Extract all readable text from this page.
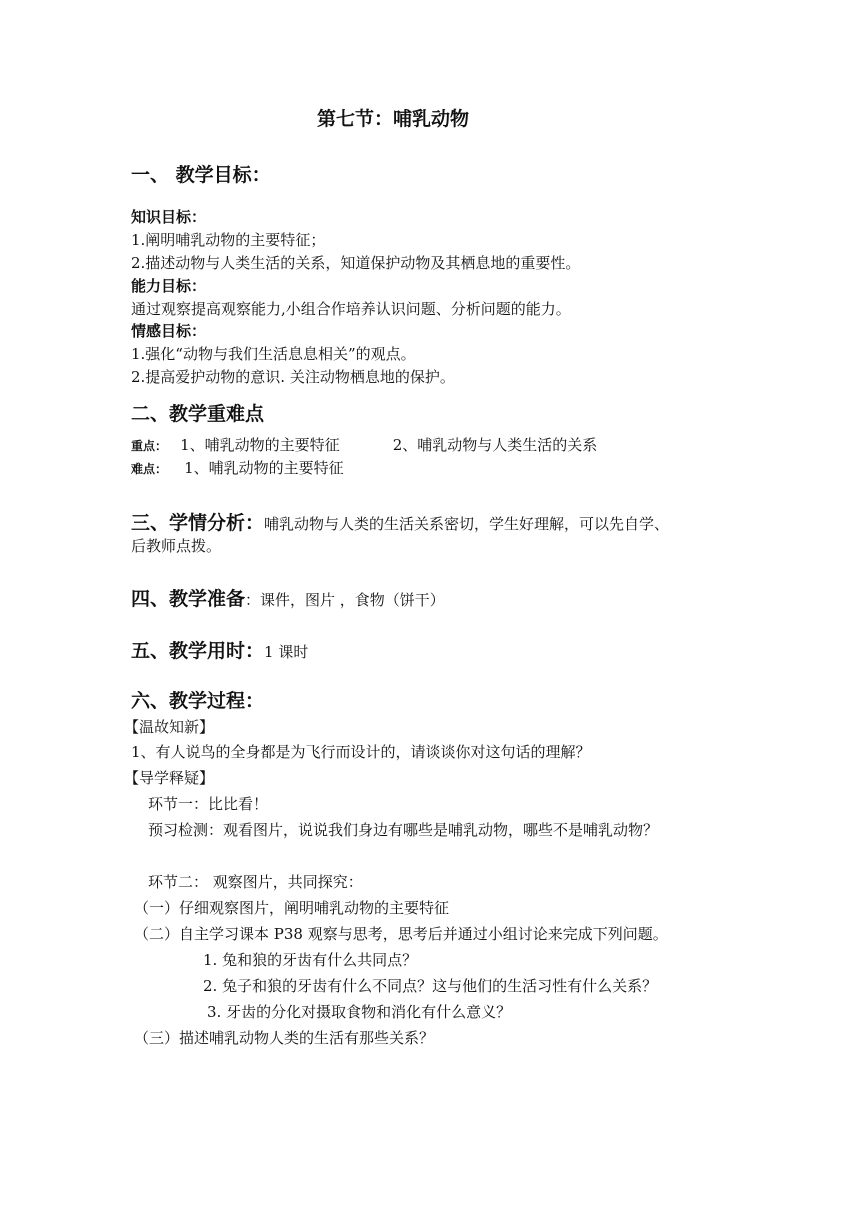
第七节：哺乳动物
一、 教学目标：
知识目标：
1.阐明哺乳动物的主要特征；
2.描述动物与人类生活的关系，知道保护动物及其栖息地的重要性。
能力目标：
通过观察提高观察能力,小组合作培养认识问题、分析问题的能力。
情感目标：
1.强化“动物与我们生活息息相关”的观点。
2.提高爱护动物的意识. 关注动物栖息地的保护。
二、教学重难点
重点： 1、哺乳动物的主要特征	2、哺乳动物与人类生活的关系
难点： 1、哺乳动物的主要特征
三、学情分析：哺乳动物与人类的生活关系密切，学生好理解，可以先自学、
后教师点拨。
四、教学准备：课件，图片 ，食物（饼干）
五、教学用时：1 课时
六、教学过程：
【温故知新】
1、有人说鸟的全身都是为飞行而设计的，请谈谈你对这句话的理解？
【导学释疑】
环节一：比比看！
预习检测：观看图片，说说我们身边有哪些是哺乳动物，哪些不是哺乳动物？
环节二： 观察图片，共同探究：
（一）仔细观察图片，阐明哺乳动物的主要特征
（二）自主学习课本 P38 观察与思考，思考后并通过小组讨论来完成下列问题。
1. 兔和狼的牙齿有什么共同点？
2. 兔子和狼的牙齿有什么不同点？这与他们的生活习性有什么关系？
3. 牙齿的分化对摄取食物和消化有什么意义？
（三）描述哺乳动物人类的生活有那些关系？
